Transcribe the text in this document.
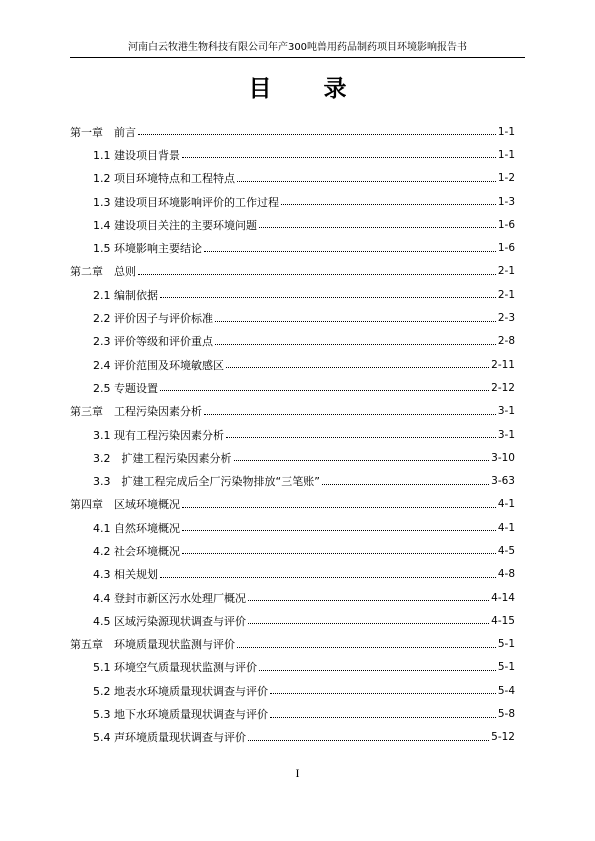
河南白云牧港生物科技有限公司年产300吨兽用药品制药项目环境影响报告书
目 录
第一章　前言	1-1
1.1 建设项目背景	1-1
1.2 项目环境特点和工程特点	1-2
1.3 建设项目环境影响评价的工作过程	1-3
1.4 建设项目关注的主要环境问题	1-6
1.5 环境影响主要结论	1-6
第二章　总则	2-1
2.1 编制依据	2-1
2.2 评价因子与评价标准	2-3
2.3 评价等级和评价重点	2-8
2.4 评价范围及环境敏感区	2-11
2.5 专题设置	2-12
第三章　工程污染因素分析	3-1
3.1 现有工程污染因素分析	3-1
3.2　扩建工程污染因素分析	3-10
3.3　扩建工程完成后全厂污染物排放“三笔账”	3-63
第四章　区域环境概况	4-1
4.1 自然环境概况	4-1
4.2 社会环境概况	4-5
4.3 相关规划	4-8
4.4 登封市新区污水处理厂概况	4-14
4.5 区域污染源现状调查与评价	4-15
第五章　环境质量现状监测与评价	5-1
5.1 环境空气质量现状监测与评价	5-1
5.2 地表水环境质量现状调查与评价	5-4
5.3 地下水环境质量现状调查与评价	5-8
5.4 声环境质量现状调查与评价	5-12
I
